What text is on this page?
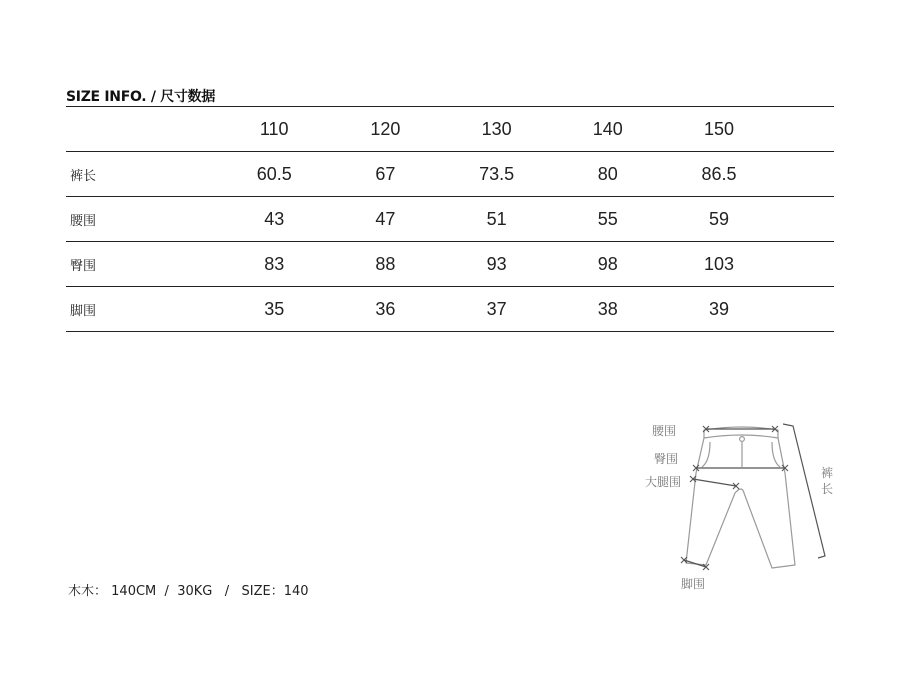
SIZE INFO. / 尺寸数据
	110	120	130	140	150	
裤长	60.5	67	73.5	80	86.5	
腰围	43	47	51	55	59	
臀围	83	88	93	98	103	
脚围	35	36	37	38	39	
腰围
臀围
大腿围
脚围
裤
长
木木： 140CM / 30KG / SIZE：140
